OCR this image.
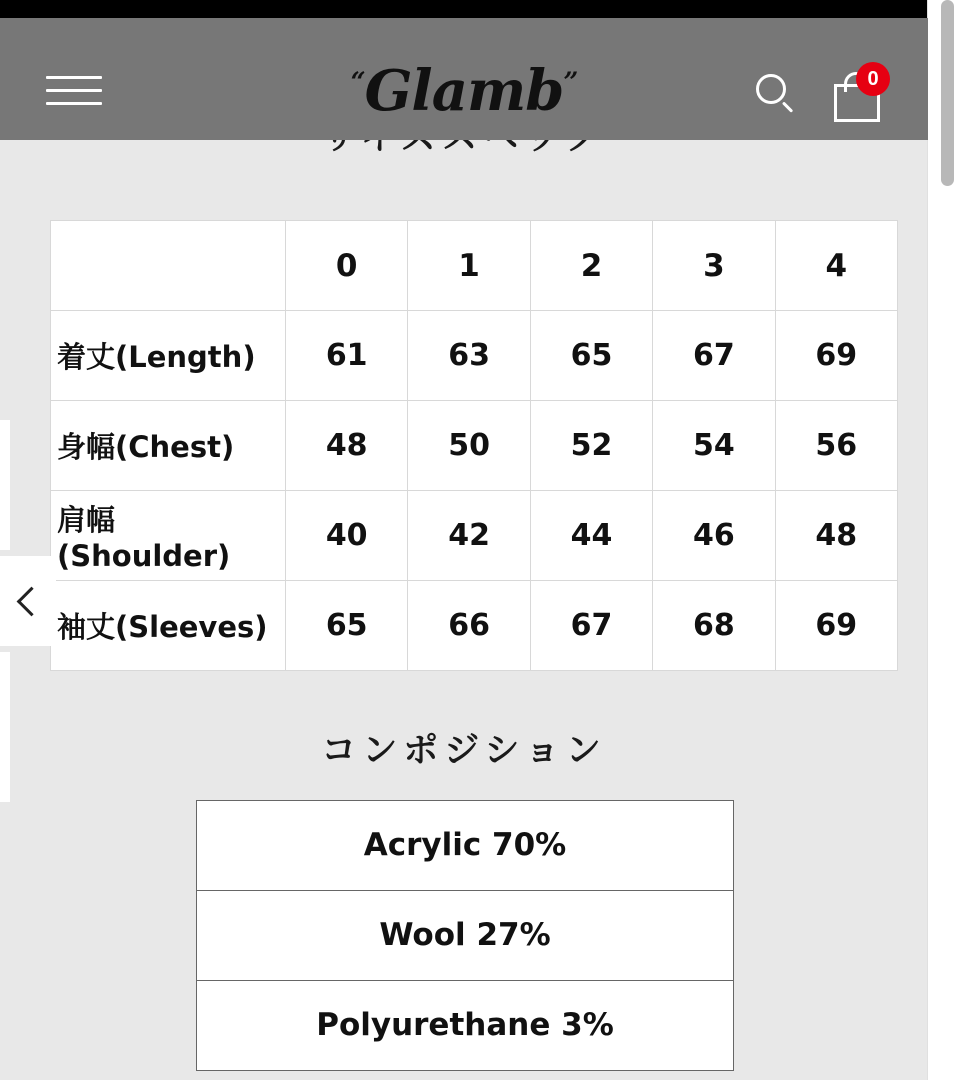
“Glamb”	0
	0	1	2	3	4
着丈(Length)	61	63	65	67	69
身幅(Chest)	48	50	52	54	56
肩幅(Shoulder)	40	42	44	46	48
袖丈(Sleeves)	65	66	67	68	69
コンポジション
Acrylic 70%
Wool 27%
Polyurethane 3%
